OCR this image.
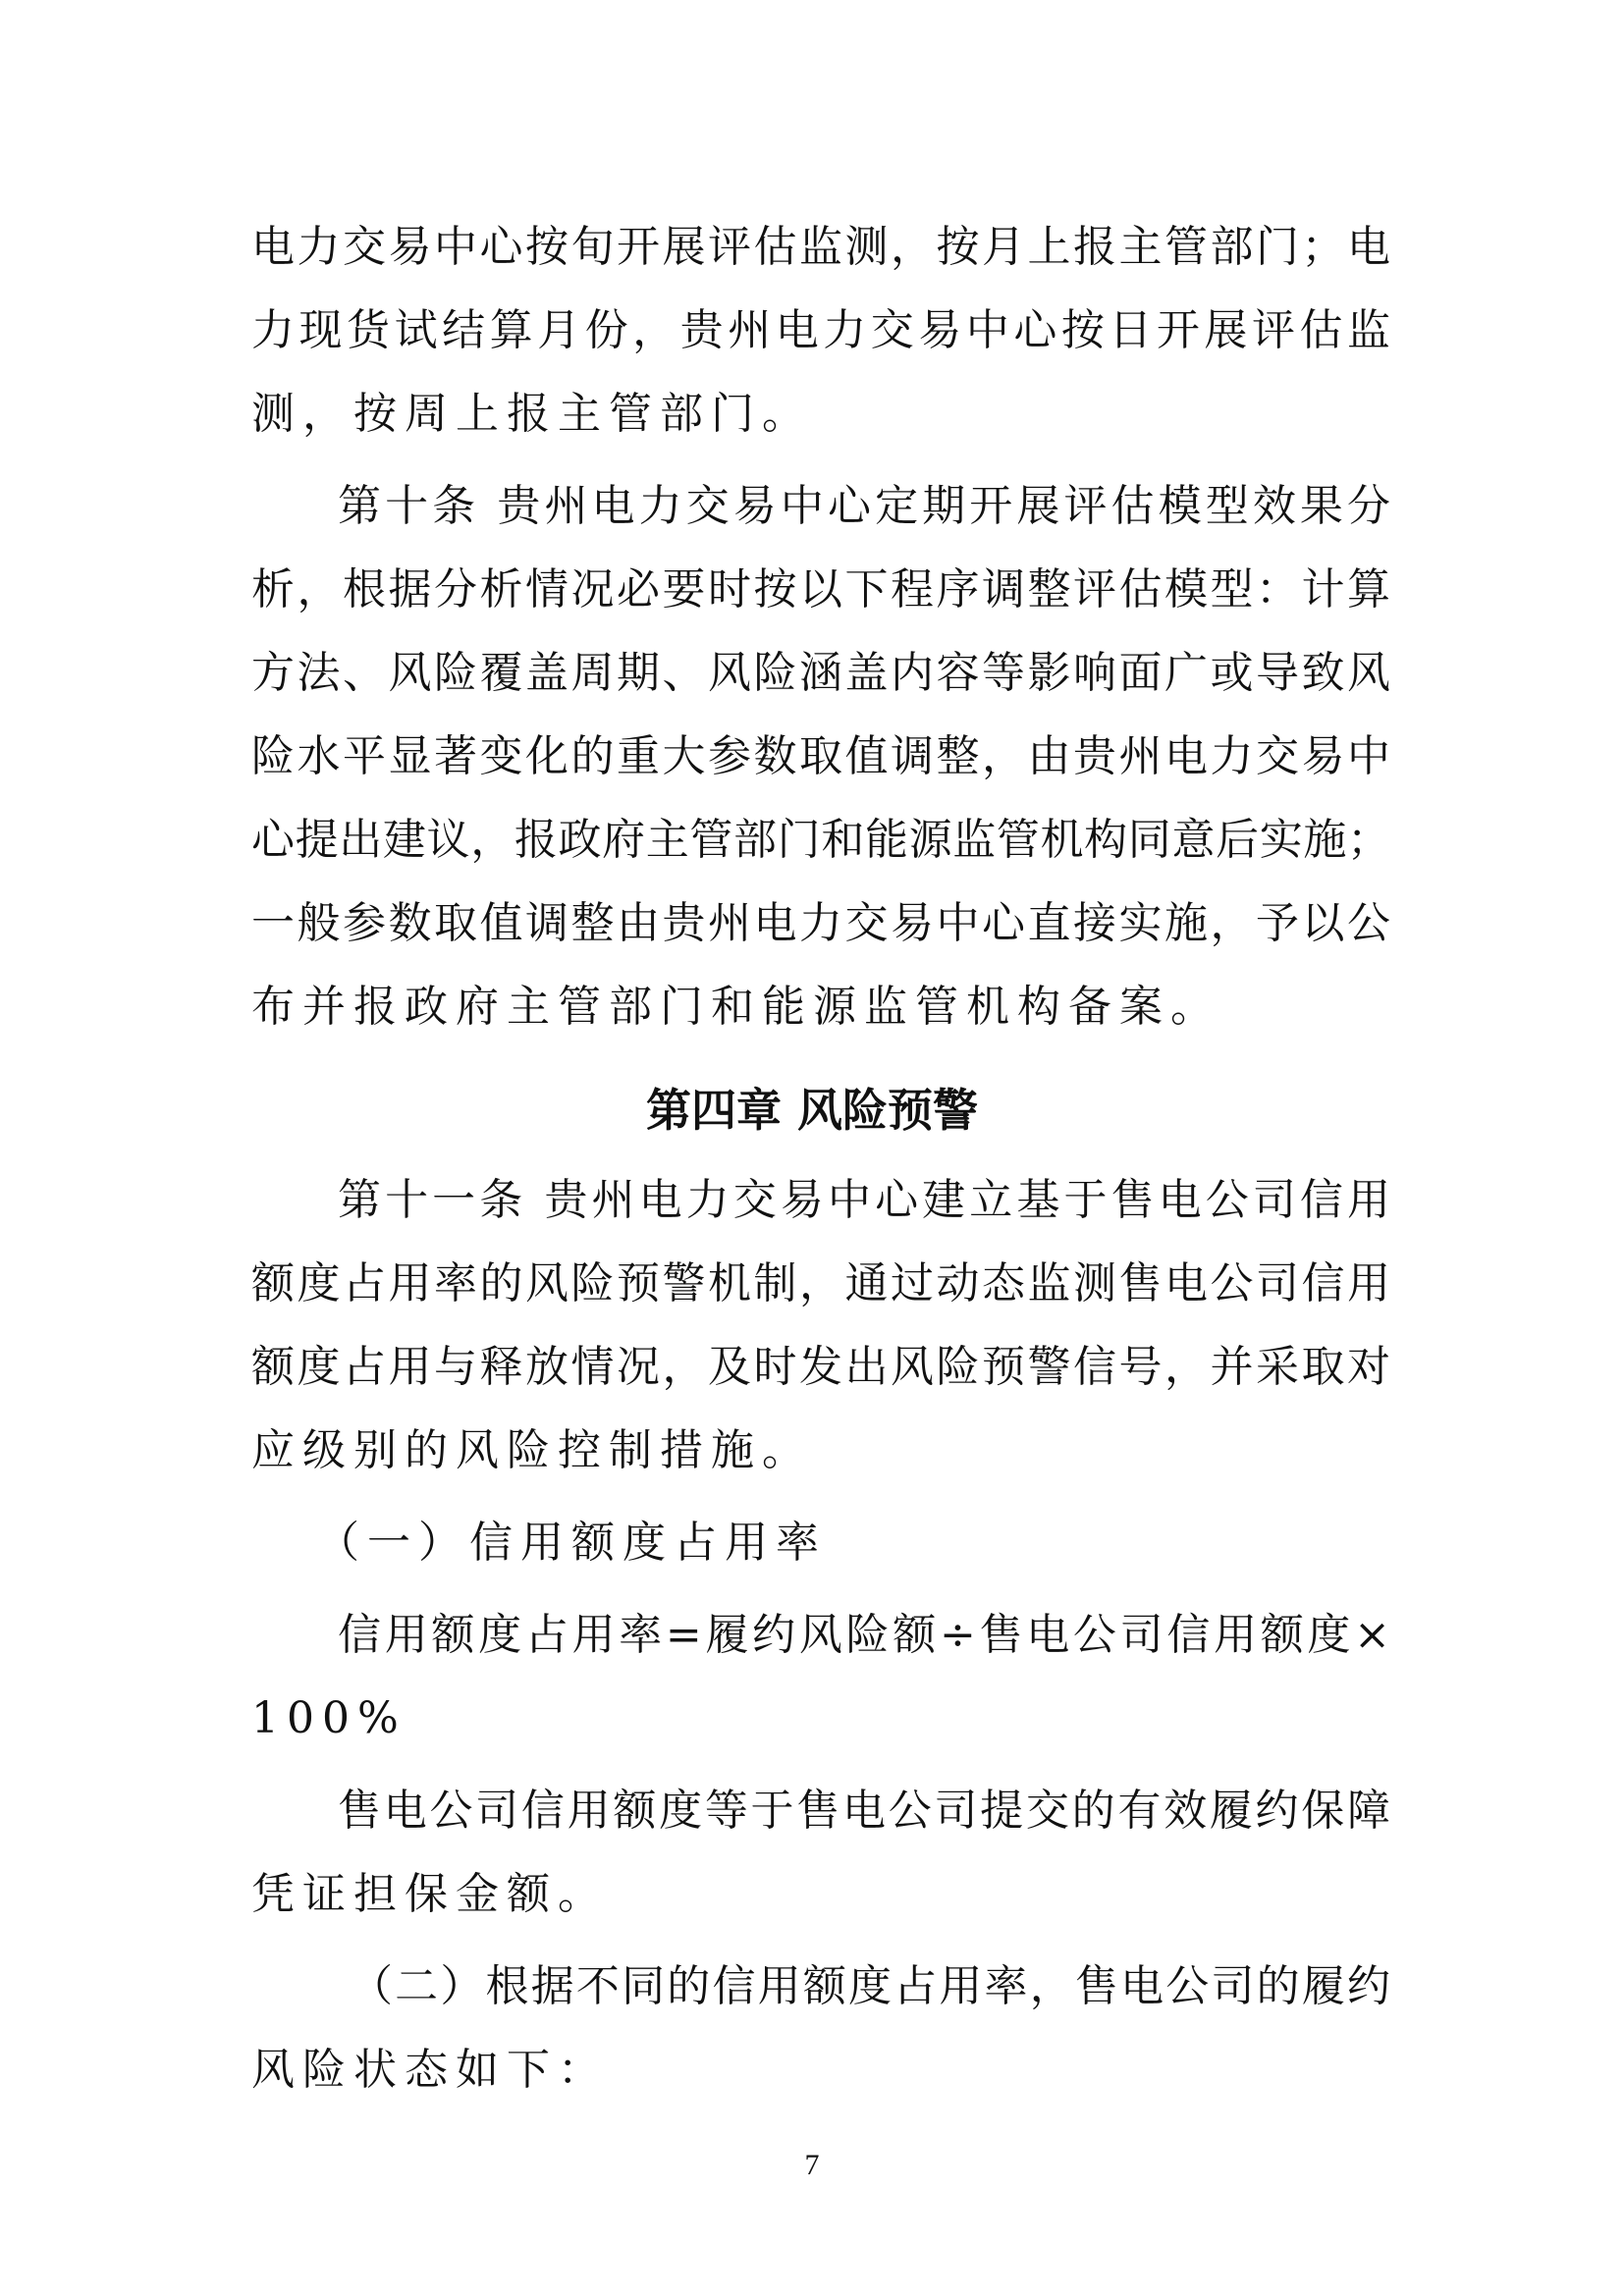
电力交易中心按旬开展评估监测，按月上报主管部门；电
力现货试结算月份，贵州电力交易中心按日开展评估监
测，按周上报主管部门。
第十条 贵州电力交易中心定期开展评估模型效果分
析，根据分析情况必要时按以下程序调整评估模型：计算
方法、风险覆盖周期、风险涵盖内容等影响面广或导致风
险水平显著变化的重大参数取值调整，由贵州电力交易中
心提出建议，报政府主管部门和能源监管机构同意后实施；
一般参数取值调整由贵州电力交易中心直接实施，予以公
布并报政府主管部门和能源监管机构备案。
第四章 风险预警
第十一条 贵州电力交易中心建立基于售电公司信用
额度占用率的风险预警机制，通过动态监测售电公司信用
额度占用与释放情况，及时发出风险预警信号，并采取对
应级别的风险控制措施。
（一）信用额度占用率
信用额度占用率=履约风险额÷售电公司信用额度×
100%
售电公司信用额度等于售电公司提交的有效履约保障
凭证担保金额。
（二）根据不同的信用额度占用率，售电公司的履约
风险状态如下：
7
